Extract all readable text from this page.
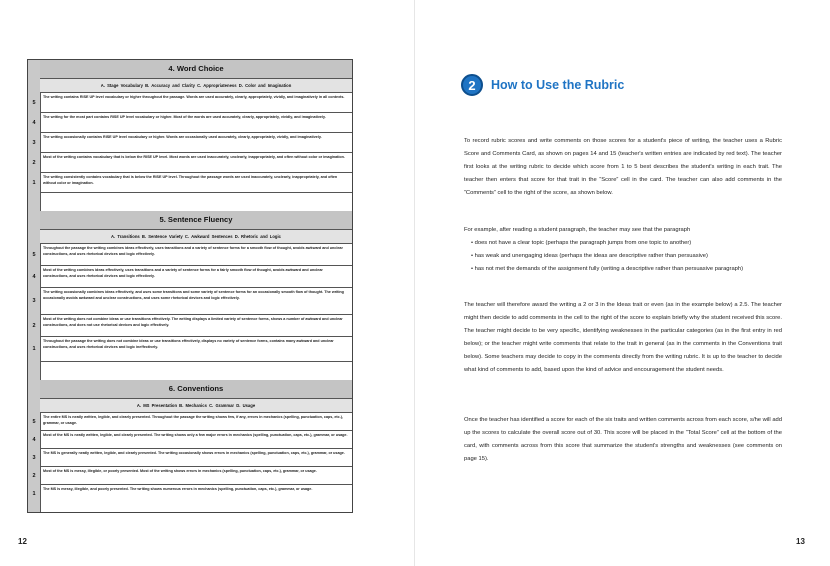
4. Word Choice
A. Stage Vocabulary B. Accuracy and Clarity C. Appropriateness D. Color and Imagination
5
The writing contains RISE UP level vocabulary or higher throughout the passage. Words are used accurately, clearly, appropriately, vividly, and imaginatively in all contexts.
4
The writing for the most part contains RISE UP level vocabulary or higher. Most of the words are used accurately, clearly, appropriately, vividly, and imaginatively.
3
The writing occasionally contains RISE UP level vocabulary or higher. Words are occasionally used accurately, clearly, appropriately, vividly, and imaginatively.
2
Most of the writing contains vocabulary that is below the RISE UP level. Most words are used inaccurately, unclearly, inappropriately, and often without color or imagination.
1
The writing consistently contains vocabulary that is below the RISE UP level. Throughout the passage words are used inaccurately, unclearly, inappropriately, and often without color or imagination.
5. Sentence Fluency
A. Transitions B. Sentence Variety C. Awkward Sentences D. Rhetoric and Logic
5
Throughout the passage the writing combines ideas effectively, uses transitions and a variety of sentence forms for a smooth flow of thought, avoids awkward and unclear constructions, and uses rhetorical devices and logic effectively.
4
Most of the writing combines ideas effectively, uses transitions and a variety of sentence forms for a fairly smooth flow of thought, avoids awkward and unclear constructions, and uses rhetorical devices and logic effectively.
3
The writing occasionally combines ideas effectively, and uses some transitions and some variety of sentence forms for an occasionally smooth flow of thought. The writing occasionally avoids awkward and unclear constructions, and uses some rhetorical devices and logic effectively.
2
Most of the writing does not combine ideas or use transitions effectively. The writing displays a limited variety of sentence forms, shows a number of awkward and unclear constructions, and does not use rhetorical devices and logic effectively.
1
Throughout the passage the writing does not combine ideas or use transitions effectively, displays no variety of sentence forms, contains many awkward and unclear constructions, and uses rhetorical devices and logic ineffectively.
6. Conventions
A. MS Presentation B. Mechanics C. Grammar D. Usage
5
The entire MS is neatly written, legible, and clearly presented. Throughout the passage the writing shows few, if any, errors in mechanics (spelling, punctuation, caps, etc.), grammar, or usage.
4
Most of the MS is neatly written, legible, and clearly presented. The writing shows only a few major errors in mechanics (spelling, punctuation, caps, etc.), grammar, or usage.
3
The MS is generally neatly written, legible, and clearly presented. The writing occasionally shows errors in mechanics (spelling, punctuation, caps, etc.), grammar, or usage.
2
Most of the MS is messy, illegible, or poorly presented. Most of the writing shows errors in mechanics (spelling, punctuation, caps, etc.), grammar, or usage.
1
The MS is messy, illegible, and poorly presented. The writing shows numerous errors in mechanics (spelling, punctuation, caps, etc.), grammar, or usage.
12
2	How to Use the Rubric
To record rubric scores and write comments on those scores for a student's piece of writing, the teacher uses a Rubric Score and Comments Card, as shown on pages 14 and 15 (teacher's written entries are indicated by red text). The teacher first looks at the writing rubric to decide which score from 1 to 5 best describes the student's writing in each trait. The teacher then enters that score for that trait in the “Score” cell in the card. The teacher can also add comments in the “Comments” cell to the right of the score, as shown below.
For example, after reading a student paragraph, the teacher may see that the paragraph
• does not have a clear topic (perhaps the paragraph jumps from one topic to another)
• has weak and unengaging ideas (perhaps the ideas are descriptive rather than persuasive)
• has not met the demands of the assignment fully (writing a descriptive rather than persuasive paragraph)
The teacher will therefore award the writing a 2 or 3 in the Ideas trait or even (as in the example below) a 2.5. The teacher might then decide to add comments in the cell to the right of the score to explain briefly why the student received this score. The teacher might decide to be very specific, identifying weaknesses in the particular categories (as in the first entry in red below); or the teacher might write comments that relate to the trait in general (as in the comments in the Conventions trait below). Some teachers may decide to copy in the comments directly from the writing rubric. It is up to the teacher to decide what kind of comments to add, based upon the kind of advice and encouragement the student needs.
Once the teacher has identified a score for each of the six traits and written comments across from each score, s/he will add up the scores to calculate the overall score out of 30. This score will be placed in the “Total Score” cell at the bottom of the card, with comments across from this score that summarize the student's strengths and weaknesses (see comments on page 15).
13
